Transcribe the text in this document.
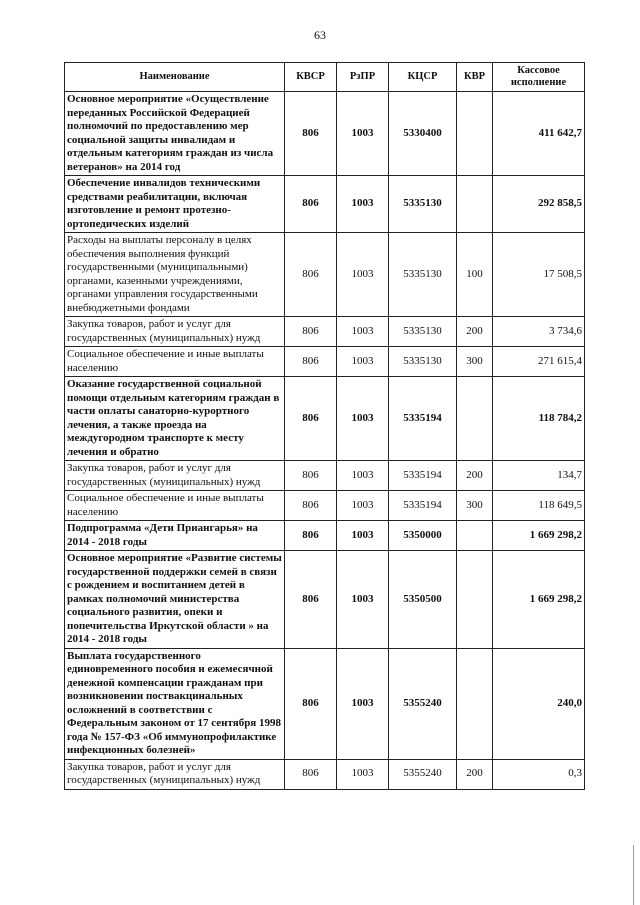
63
Наименование	КВСР	РзПР	КЦСР	КВР	Кассовое исполнение
Основное мероприятие «Осуществление переданных Российской Федерацией полномочий по предоставлению мер социальной защиты инвалидам и отдельным категориям граждан из числа ветеранов» на 2014 год	806	1003	5330400		411 642,7
Обеспечение инвалидов техническими средствами реабилитации, включая изготовление и ремонт протезно-ортопедических изделий	806	1003	5335130		292 858,5
Расходы на выплаты персоналу в целях обеспечения выполнения функций государственными (муниципальными) органами, казенными учреждениями, органами управления государственными внебюджетными фондами	806	1003	5335130	100	17 508,5
Закупка товаров, работ и услуг для государственных (муниципальных) нужд	806	1003	5335130	200	3 734,6
Социальное обеспечение и иные выплаты населению	806	1003	5335130	300	271 615,4
Оказание государственной социальной помощи отдельным категориям граждан в части оплаты санаторно-курортного лечения, а также проезда на междугородном транспорте к месту лечения и обратно	806	1003	5335194		118 784,2
Закупка товаров, работ и услуг для государственных (муниципальных) нужд	806	1003	5335194	200	134,7
Социальное обеспечение и иные выплаты населению	806	1003	5335194	300	118 649,5
Подпрограмма «Дети Приангарья» на 2014 - 2018 годы	806	1003	5350000		1 669 298,2
Основное мероприятие «Развитие системы государственной поддержки семей в связи с рождением и воспитанием детей в рамках полномочий министерства социального развития, опеки и попечительства Иркутской области » на 2014 - 2018 годы	806	1003	5350500		1 669 298,2
Выплата государственного единовременного пособия и ежемесячной денежной компенсации гражданам при возникновении поствакцинальных осложнений в соответствии с Федеральным законом от 17 сентября 1998 года № 157-ФЗ «Об иммунопрофилактике инфекционных болезней»	806	1003	5355240		240,0
Закупка товаров, работ и услуг для государственных (муниципальных) нужд	806	1003	5355240	200	0,3
